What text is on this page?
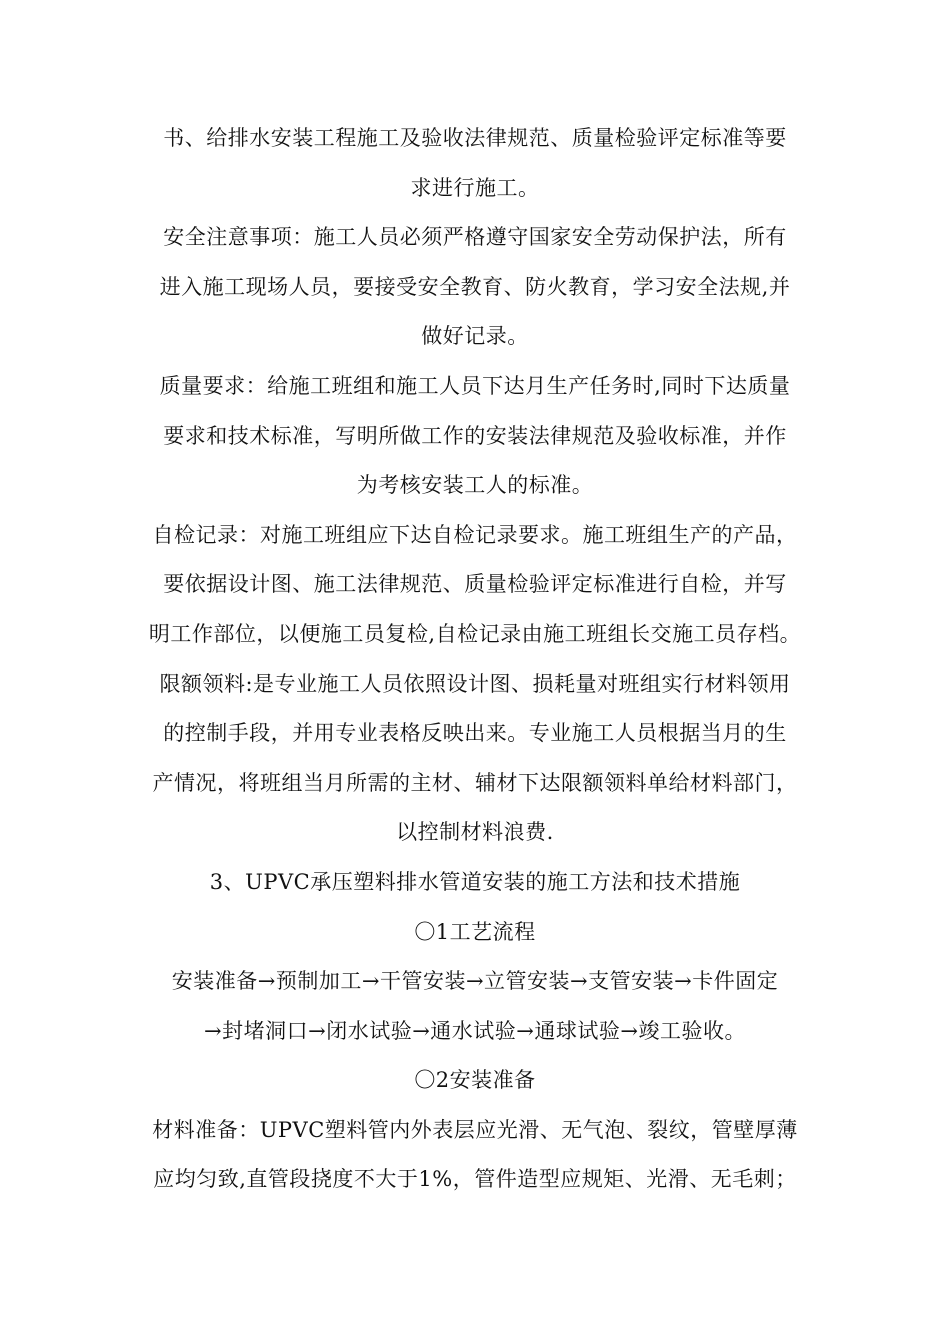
书、给排水安装工程施工及验收法律规范、质量检验评定标准等要
求进行施工。
安全注意事项：施工人员必须严格遵守国家安全劳动保护法，所有
进入施工现场人员，要接受安全教育、防火教育，学习安全法规,并
做好记录。
质量要求：给施工班组和施工人员下达月生产任务时,同时下达质量
要求和技术标准，写明所做工作的安装法律规范及验收标准，并作
为考核安装工人的标准。
自检记录：对施工班组应下达自检记录要求。施工班组生产的产品，
要依据设计图、施工法律规范、质量检验评定标准进行自检，并写
明工作部位，以便施工员复检,自检记录由施工班组长交施工员存档。
限额领料:是专业施工人员依照设计图、损耗量对班组实行材料领用
的控制手段，并用专业表格反映出来。专业施工人员根据当月的生
产情况，将班组当月所需的主材、辅材下达限额领料单给材料部门，
以控制材料浪费.
3、UPVC承压塑料排水管道安装的施工方法和技术措施
〇1工艺流程
安装准备→预制加工→干管安装→立管安装→支管安装→卡件固定
→封堵洞口→闭水试验→通水试验→通球试验→竣工验收。
〇2安装准备
材料准备：UPVC塑料管内外表层应光滑、无气泡、裂纹，管壁厚薄
应均匀致,直管段挠度不大于1%，管件造型应规矩、光滑、无毛刺；
